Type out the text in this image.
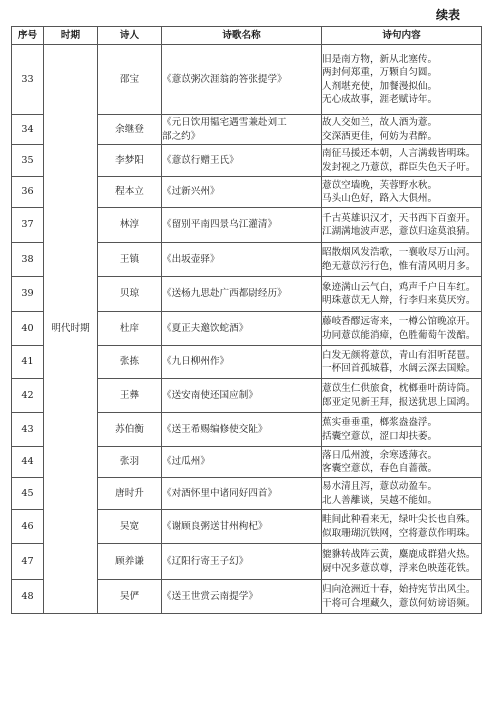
续表
序号	时期	诗人	诗歌名称	诗句内容
33	明代时期	邵宝	《薏苡粥次涯翁韵答张提学》	旧是南方物，新从北塞传。
两封何郑重，万颗自匀圆。
人剂堪充使，加餐漫拟仙。
无心成故事，涯老赋诗年。

34		余继登	《元日饮用韫宅遇雪兼赴刘工
部之约》	故人交如兰，故人酒为薏。
交深酒更佳，何妨为君醉。

35		李梦阳	《薏苡行赠王氏》	南征马援还本朝，人言满载皆明珠。
发封视之乃薏苡，群臣失色天子吁。

36		程本立	《过新兴州》	薏苡空墙晚，芙蓉野水秋。
马头山色好，路入大俱州。

37		林淳	《留别平南四景乌江灌清》	千古英雄识汉才，天书西下百蛮开。
江湖满地波声恶，薏苡归途莫浪猜。

38		王镇	《出坂壶驿》	昭散烟风发浩歌，一襄收尽万山河。
绝无薏苡污行色，惟有清风明月多。

39		贝琼	《送杨九思赴广西都尉经历》	象迹满山云气白，鸡声千户日车红。
明珠薏苡无人辩，行李归来莫厌穷。

40		杜庠	《夏正夫邀饮蛇酒》	藤岐香醪远寄来，一樽公馆晚凉开。
功同薏苡能消瘴，色胜葡萄午泼醅。

41		张拣	《九日柳州作》	白发无颜将薏苡，青山有泪听琵琶。
一杯回首孤城暮，水阔云深去国赊。

42		王彝	《送安南使还国应制》	薏苡生仁供旅食，枕榔垂叶荫诗筒。
郎亚定见新王拜，报送犹思上国鸿。

43		苏伯衡	《送王希赐编修使交阯》	蕉实垂垂重，榔浆盎盎浮。
括囊空薏苡，涩口却扶萎。

44		张羽	《过瓜州》	落日瓜州渡，余寒透薄衣。
客囊空薏苡，春色自蔷薇。

45		唐时升	《对酒怀里中诸同好四首》	易水清且泻，薏苡动盈车。
北人善離谈，吴越不能如。

46		吴宽	《谢顾良粥送甘州枸杞》	畦间此种看来无，绿叶尖长也自殊。
似取珊瑚沉铁网，空将薏苡作明珠。

47		顾养谦	《辽阳行寄王子幻》	貔貅转战阵云黄，麋鹿成群猎火热。
厨中况多薏苡尊，浮来色映莲花铁。

48		吴俨	《送王世赏云南提学》	归向沧洲近十春，始持宪节出风尘。
干将可合埋藏久，薏苡何妨谤语频。
